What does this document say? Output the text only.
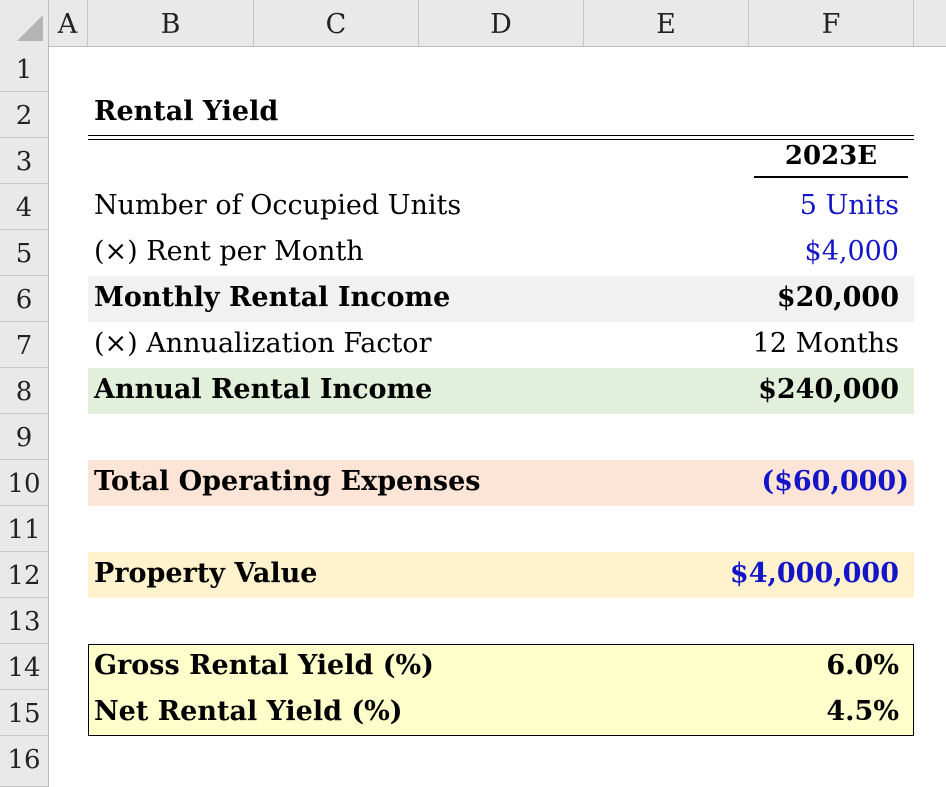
A	B	C	D	E	F
1
2
3
4
5
6
7
8
9
10
11
12
13
14
15
16
Rental Yield
2023E
Number of Occupied Units	5 Units
(×) Rent per Month	$4,000
Monthly Rental Income	$20,000
(×) Annualization Factor	12 Months
Annual Rental Income	$240,000
Total Operating Expenses	($60,000)
Property Value	$4,000,000
Gross Rental Yield (%)	6.0%
Net Rental Yield (%)	4.5%
